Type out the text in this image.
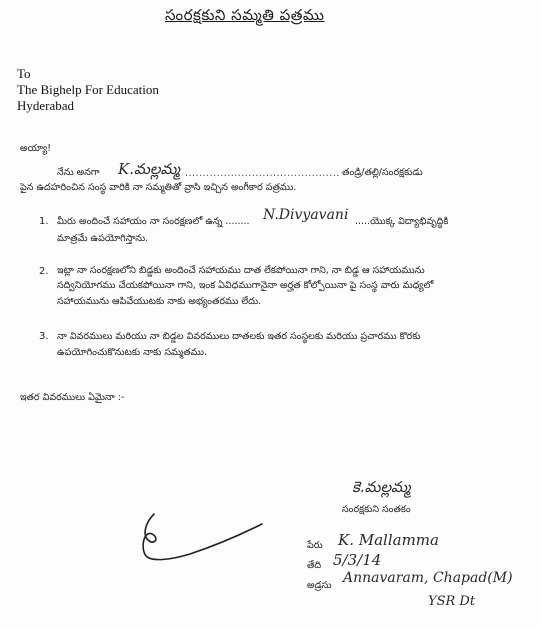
సంరక్షకుని సమ్మతి పత్రము
To
The Bighelp For Education
Hyderabad
అయ్యా!
నేను అనగా K.మల్లమ్మ ............................................ తండ్రి/తల్లి/సంరక్షకుడు
పైన ఉదహరించిన సంస్థ వారికి నా సమ్మతితో వ్రాసి ఇచ్చిన అంగీకార పత్రము.
1. మీరు అందించే సహాయం నా సంరక్షణలో ఉన్న ........ N.Divyavani .....యొక్క విద్యాభివృద్ధికి
మాత్రమే ఉపయోగిస్తాను.
2. ఇట్లా నా సంరక్షణలోని బిడ్డకు అందించే సహాయము దాత లేకపోయినా గాని, నా బిడ్డ ఆ సహాయమును
సద్వినియోగము చేయకపోయినా గాని, ఇంక ఏవిధముగానైనా అర్హత కోల్పోయినా పై సంస్థ వారు మధ్యలో
సహాయమును ఆపివేయుటకు నాకు అభ్యంతరము లేదు.
3. నా వివరములు మరియు నా బిడ్డల వివరములు దాతలకు ఇతర సంస్థలకు మరియు ప్రచారము కొరకు
ఉపయోగించుకొనుటకు నాకు సమ్మతము.
ఇతర వివరములు ఏమైనా :-
కె.మల్లమ్మ
సంరక్షకుని సంతకం
పేరు K. Mallamma
తేది 5/3/14
అడ్రసు Annavaram, Chapad(M)
YSR Dt
